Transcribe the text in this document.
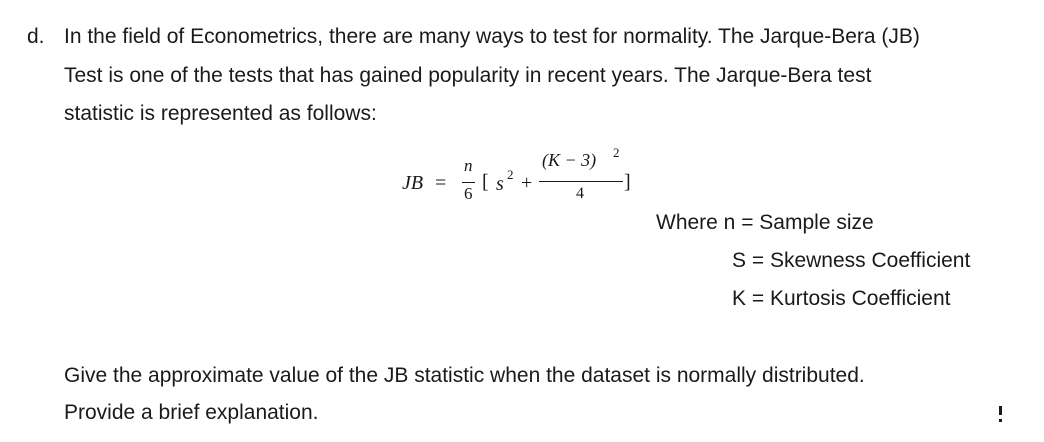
d. In the field of Econometrics, there are many ways to test for normality. The Jarque-Bera (JB)
Test is one of the tests that has gained popularity in recent years. The Jarque-Bera test
statistic is represented as follows:
JB =
n
6
[ s 2 +
(K − 3) 2
4
]
Where n = Sample size
S = Skewness Coefficient
K = Kurtosis Coefficient
Give the approximate value of the JB statistic when the dataset is normally distributed.
Provide a brief explanation.
